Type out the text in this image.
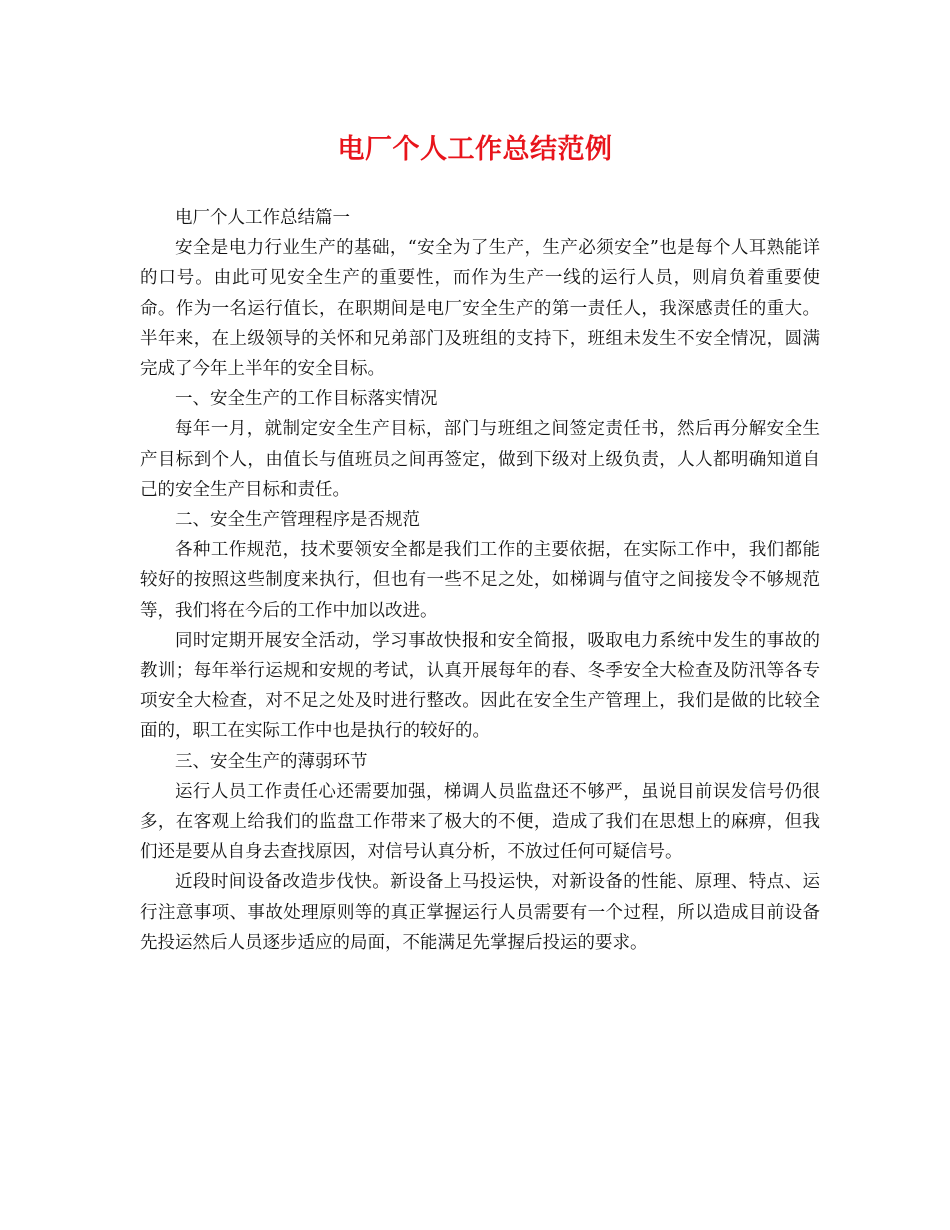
电厂个人工作总结范例

电厂个人工作总结篇一

安全是电力行业生产的基础，“安全为了生产，生产必须安全”也是每个人耳熟能详的口号。由此可见安全生产的重要性，而作为生产一线的运行人员，则肩负着重要使命。作为一名运行值长，在职期间是电厂安全生产的第一责任人，我深感责任的重大。半年来，在上级领导的关怀和兄弟部门及班组的支持下，班组未发生不安全情况，圆满完成了今年上半年的安全目标。

一、安全生产的工作目标落实情况

每年一月，就制定安全生产目标，部门与班组之间签定责任书，然后再分解安全生产目标到个人，由值长与值班员之间再签定，做到下级对上级负责，人人都明确知道自己的安全生产目标和责任。

二、安全生产管理程序是否规范

各种工作规范，技术要领安全都是我们工作的主要依据，在实际工作中，我们都能较好的按照这些制度来执行，但也有一些不足之处，如梯调与值守之间接发令不够规范等，我们将在今后的工作中加以改进。

同时定期开展安全活动，学习事故快报和安全简报，吸取电力系统中发生的事故的教训；每年举行运规和安规的考试，认真开展每年的春、冬季安全大检查及防汛等各专项安全大检查，对不足之处及时进行整改。因此在安全生产管理上，我们是做的比较全面的，职工在实际工作中也是执行的较好的。

三、安全生产的薄弱环节

运行人员工作责任心还需要加强，梯调人员监盘还不够严，虽说目前误发信号仍很多，在客观上给我们的监盘工作带来了极大的不便，造成了我们在思想上的麻痹，但我们还是要从自身去查找原因，对信号认真分析，不放过任何可疑信号。

近段时间设备改造步伐快。新设备上马投运快，对新设备的性能、原理、特点、运行注意事项、事故处理原则等的真正掌握运行人员需要有一个过程，所以造成目前设备先投运然后人员逐步适应的局面，不能满足先掌握后投运的要求。
